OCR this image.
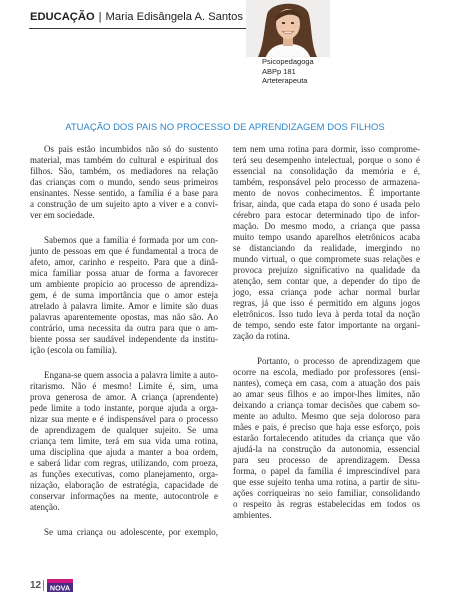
EDUCAÇÃO | Maria Edisângela A. Santos
Psicopedagoga
ABPp 181
Arteterapeuta
ATUAÇÃO DOS PAIS NO PROCESSO DE APRENDIZAGEM DOS FILHOS
Os pais estão incumbidos não só do sustento
material, mas também do cultural e espiritual dos
filhos. São, também, os mediadores na relação
das crianças com o mundo, sendo seus primeiros
ensinantes. Nesse sentido, a família é a base para
a construção de um sujeito apto a viver e a convi-
ver em sociedade.
Sabemos que a família é formada por um con-
junto de pessoas em que é fundamental a troca de
afeto, amor, carinho e respeito. Para que a dinâ-
mica familiar possa atuar de forma a favorecer
um ambiente propício ao processo de aprendiza-
gem, é de suma importância que o amor esteja
atrelado à palavra limite. Amor e limite são duas
palavras aparentemente opostas, mas não são. Ao
contrário, uma necessita da outra para que o am-
biente possa ser saudável independente da institu-
ição (escola ou família).
Engana-se quem associa a palavra limite a auto-
ritarismo. Não é mesmo! Limite é, sim, uma
prova generosa de amor. A criança (aprendente)
pede limite a todo instante, porque ajuda a orga-
nizar sua mente e é indispensável para o processo
de aprendizagem de qualquer sujeito. Se uma
criança tem limite, terá em sua vida uma rotina,
uma disciplina que ajuda a manter a boa ordem,
e saberá lidar com regras, utilizando, com proeza,
as funções executivas, como planejamento, orga-
nização, elaboração de estratégia, capacidade de
conservar informações na mente, autocontrole e
atenção.
Se uma criança ou adolescente, por exemplo,
tem nem uma rotina para dormir, isso comprome-
terá seu desempenho intelectual, porque o sono é
essencial na consolidação da memória e é,
também, responsável pelo processo de armazena-
mento de novos conhecimentos. É importante
frisar, ainda, que cada etapa do sono é usada pelo
cérebro para estocar determinado tipo de infor-
mação. Do mesmo modo, a criança que passa
muito tempo usando aparelhos eletrônicos acaba
se distanciando da realidade, imergindo no
mundo virtual, o que compromete suas relações e
provoca prejuízo significativo na qualidade da
atenção, sem contar que, a depender do tipo de
jogo, essa criança pode achar normal burlar
regras, já que isso é permitido em alguns jogos
eletrônicos. Isso tudo leva à perda total da noção
de tempo, sendo este fator importante na organi-
zação da rotina.
Portanto, o processo de aprendizagem que
ocorre na escola, mediado por professores (ensi-
nantes), começa em casa, com a atuação dos pais
ao amar seus filhos e ao impor-lhes limites, não
deixando a criança tomar decisões que cabem so-
mente ao adulto. Mesmo que seja doloroso para
mães e pais, é preciso que haja esse esforço, pois
estarão fortalecendo atitudes da criança que vão
ajudá-la na construção da autonomia, essencial
para seu processo de aprendizagem. Dessa
forma, o papel da família é imprescindível para
que esse sujeito tenha uma rotina, a partir de situ-
ações corriqueiras no seio familiar, consolidando
o respeito às regras estabelecidas em todos os
ambientes.
12 NOVA
